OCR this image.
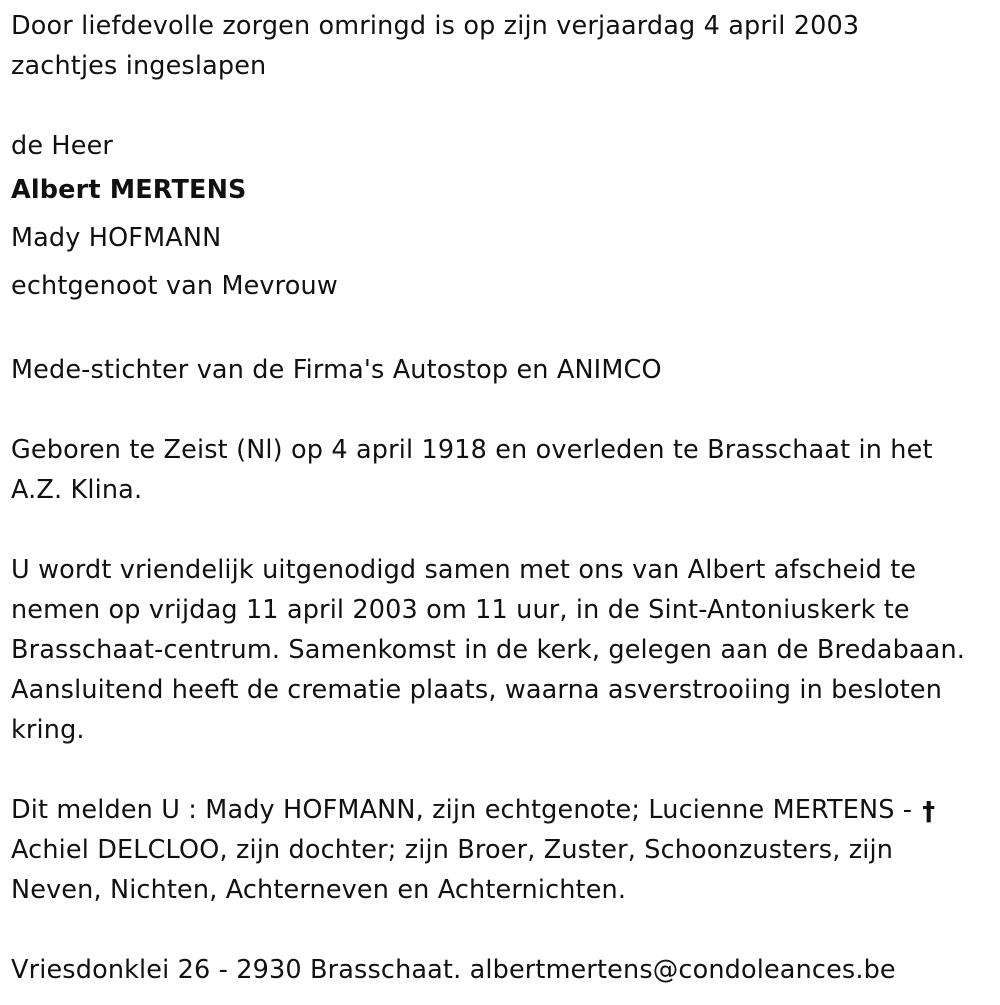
Door liefdevolle zorgen omringd is op zijn verjaardag 4 april 2003
zachtjes ingeslapen
de Heer
Albert MERTENS
Mady HOFMANN
echtgenoot van Mevrouw
Mede-stichter van de Firma's Autostop en ANIMCO
Geboren te Zeist (Nl) op 4 april 1918 en overleden te Brasschaat in het
A.Z. Klina.
U wordt vriendelijk uitgenodigd samen met ons van Albert afscheid te
nemen op vrijdag 11 april 2003 om 11 uur, in de Sint-Antoniuskerk te
Brasschaat-centrum. Samenkomst in de kerk, gelegen aan de Bredabaan.
Aansluitend heeft de crematie plaats, waarna asverstrooiing in besloten
kring.
Dit melden U : Mady HOFMANN, zijn echtgenote; Lucienne MERTENS - †
Achiel DELCLOO, zijn dochter; zijn Broer, Zuster, Schoonzusters, zijn
Neven, Nichten, Achterneven en Achternichten.
Vriesdonklei 26 - 2930 Brasschaat. albertmertens@condoleances.be
